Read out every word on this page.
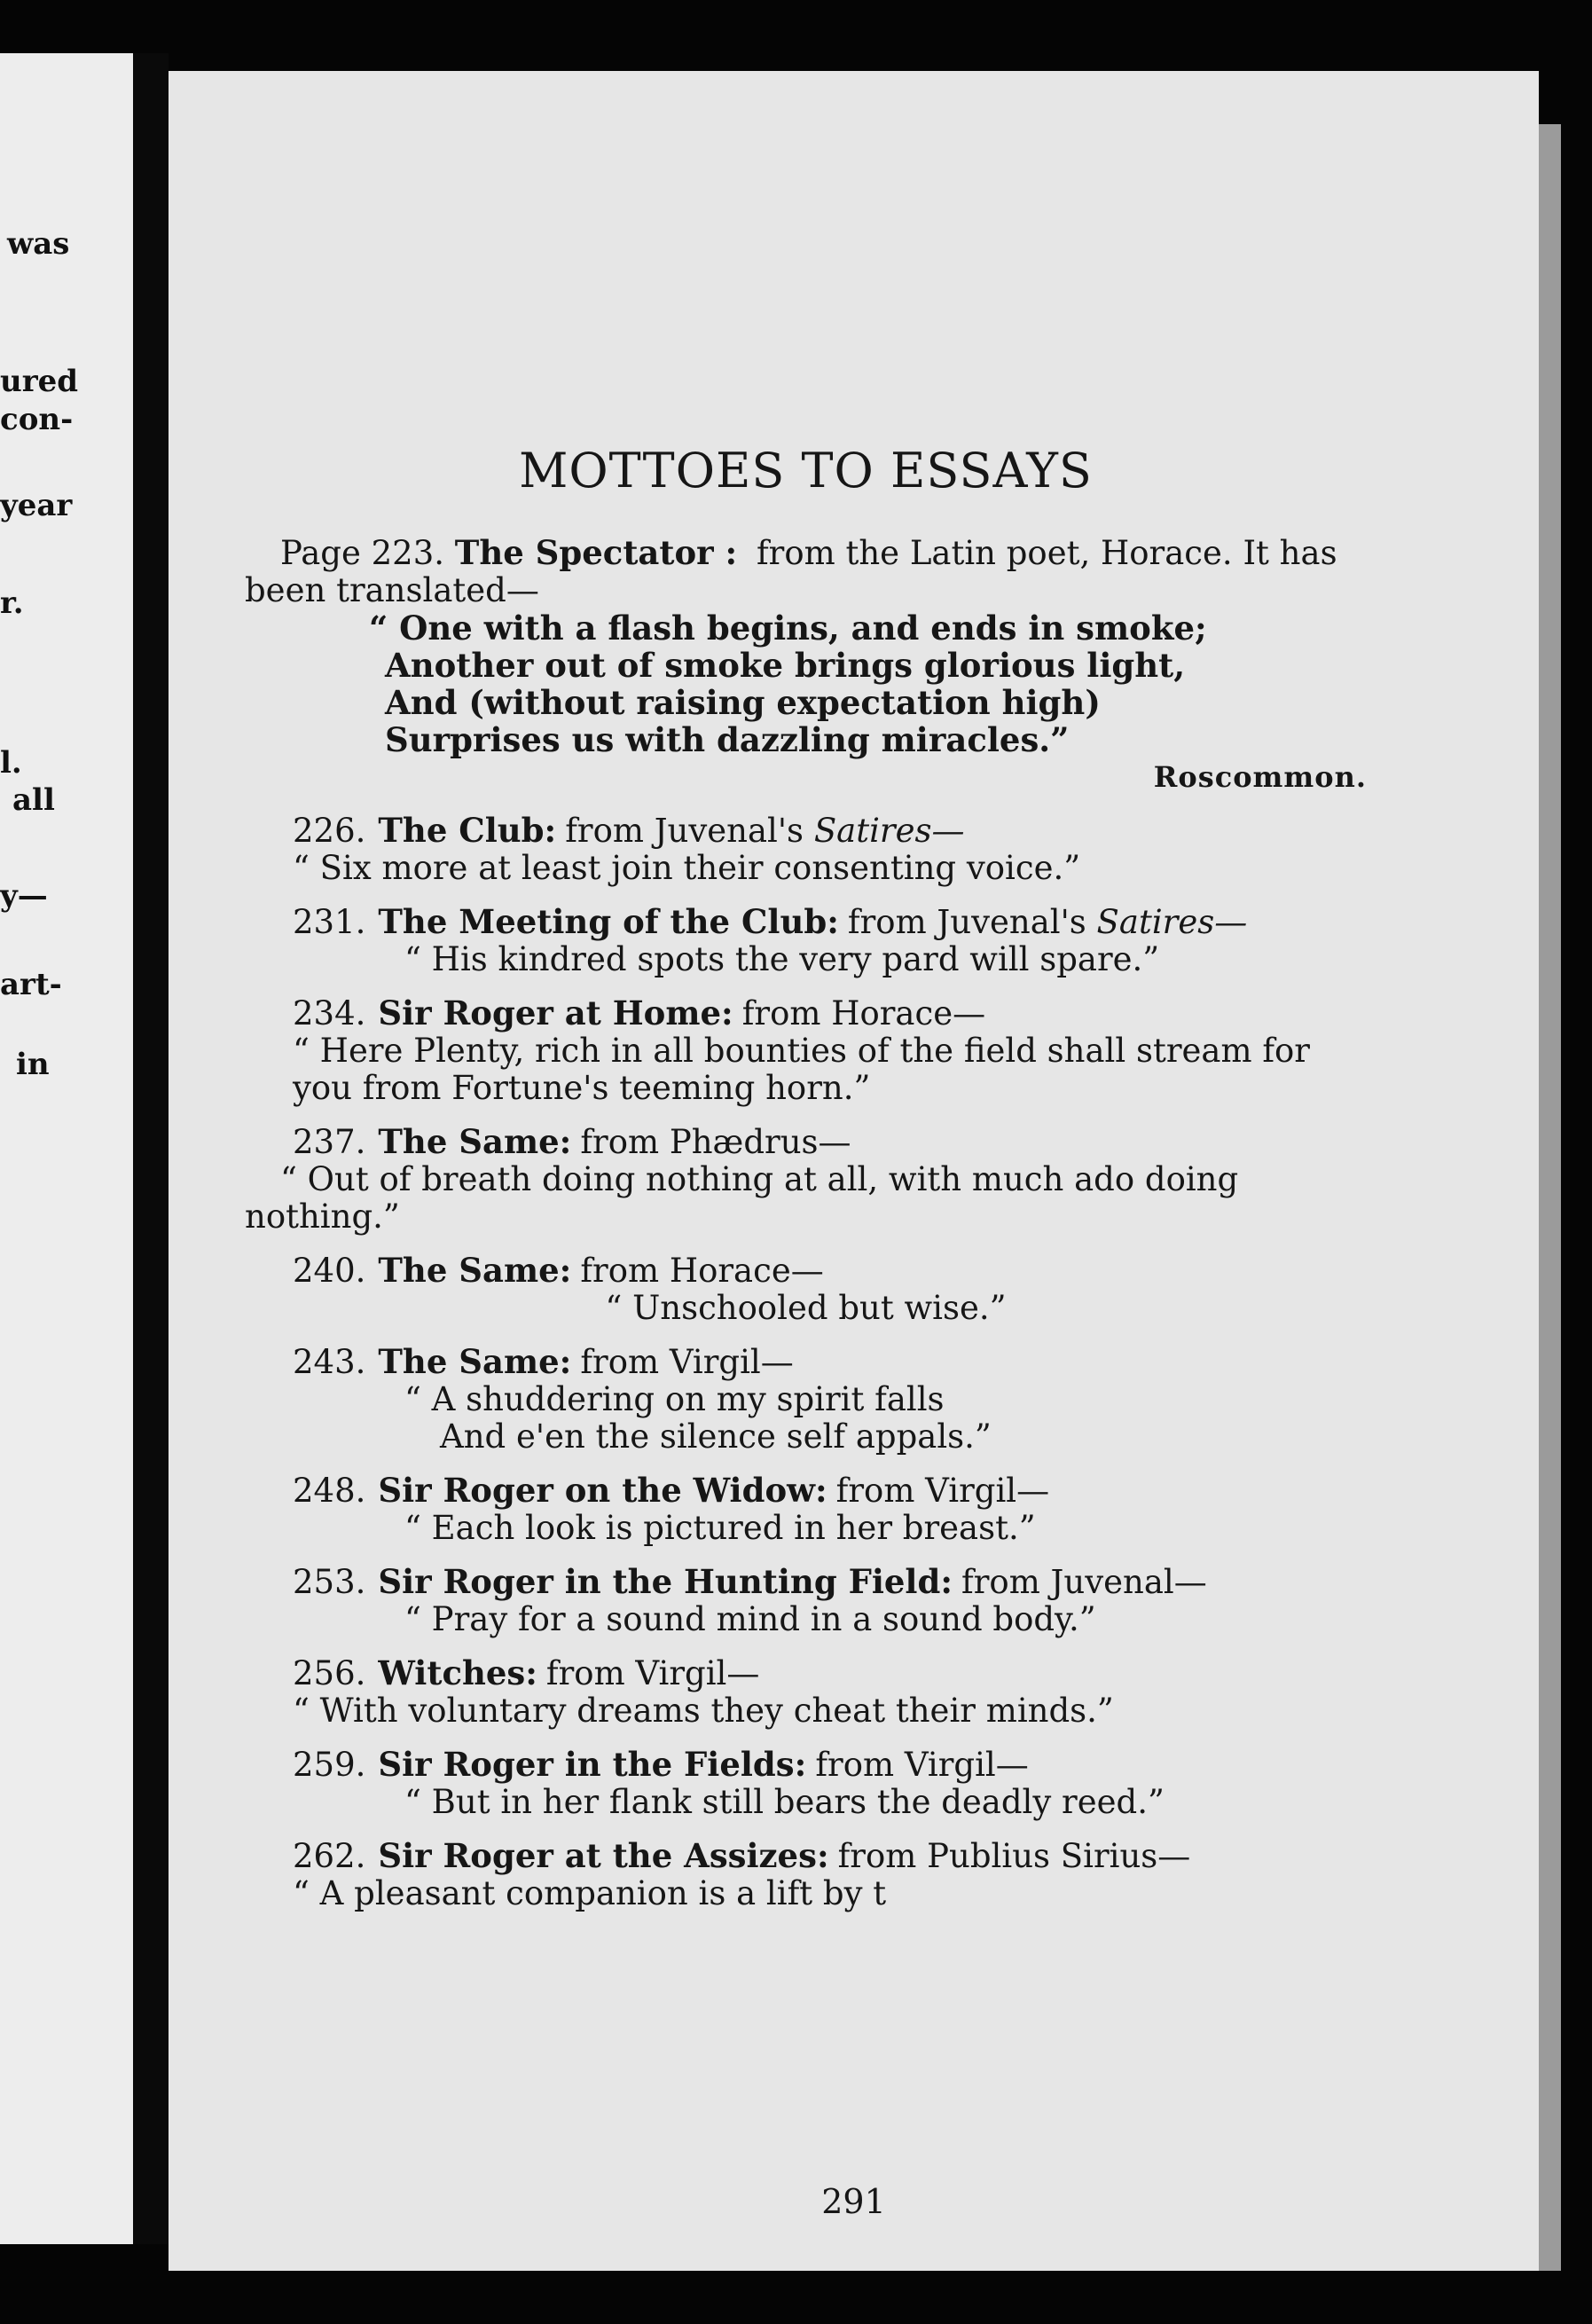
was
ured
con-
year
r.
l.
all
y—
art-
in
291
MOTTOES TO ESSAYS
Page 223. The Spectator : from the Latin poet, Horace. It has been translated—
“ One with a flash begins, and ends in smoke;
Another out of smoke brings glorious light,
And (without raising expectation high)
Surprises us with dazzling miracles.”
Roscommon.
226. The Club: from Juvenal's Satires—
“ Six more at least join their consenting voice.”
231. The Meeting of the Club: from Juvenal's Satires—
“ His kindred spots the very pard will spare.”
234. Sir Roger at Home: from Horace—
“ Here Plenty, rich in all bounties of the field shall stream for you from Fortune's teeming horn.”
237. The Same: from Phædrus—
“ Out of breath doing nothing at all, with much ado doing nothing.”
240. The Same: from Horace—
“ Unschooled but wise.”
243. The Same: from Virgil—
“ A shuddering on my spirit falls
And e'en the silence self appals.”
248. Sir Roger on the Widow: from Virgil—
“ Each look is pictured in her breast.”
253. Sir Roger in the Hunting Field: from Juvenal—
“ Pray for a sound mind in a sound body.”
256. Witches: from Virgil—
“ With voluntary dreams they cheat their minds.”
259. Sir Roger in the Fields: from Virgil—
“ But in her flank still bears the deadly reed.”
262. Sir Roger at the Assizes: from Publius Sirius—
“ A pleasant companion is a lift by t
